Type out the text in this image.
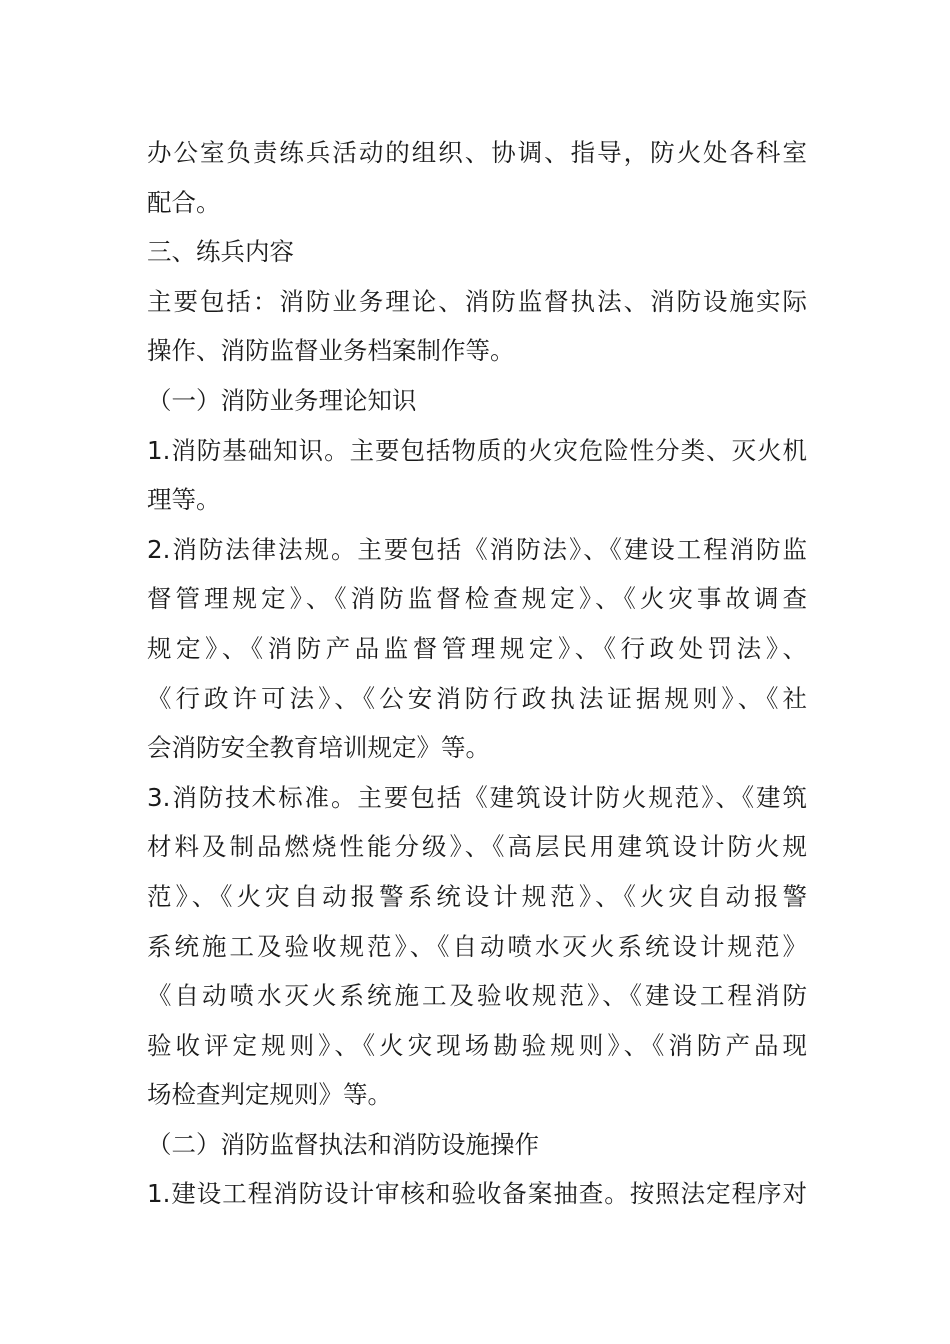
办公室负责练兵活动的组织、协调、指导，防火处各科室
配合。
三、练兵内容
主要包括：消防业务理论、消防监督执法、消防设施实际
操作、消防监督业务档案制作等。
（一）消防业务理论知识
1.消防基础知识。主要包括物质的火灾危险性分类、灭火机
理等。
2.消防法律法规。主要包括《消防法》、《建设工程消防监
督管理规定》、《消防监督检查规定》、《火灾事故调查
规定》、《消防产品监督管理规定》、《行政处罚法》、
《行政许可法》、《公安消防行政执法证据规则》、《社
会消防安全教育培训规定》等。
3.消防技术标准。主要包括《建筑设计防火规范》、《建筑
材料及制品燃烧性能分级》、《高层民用建筑设计防火规
范》、《火灾自动报警系统设计规范》、《火灾自动报警
系统施工及验收规范》、《自动喷水灭火系统设计规范》
《自动喷水灭火系统施工及验收规范》、《建设工程消防
验收评定规则》、《火灾现场勘验规则》、《消防产品现
场检查判定规则》等。
（二）消防监督执法和消防设施操作
1.建设工程消防设计审核和验收备案抽查。按照法定程序对
